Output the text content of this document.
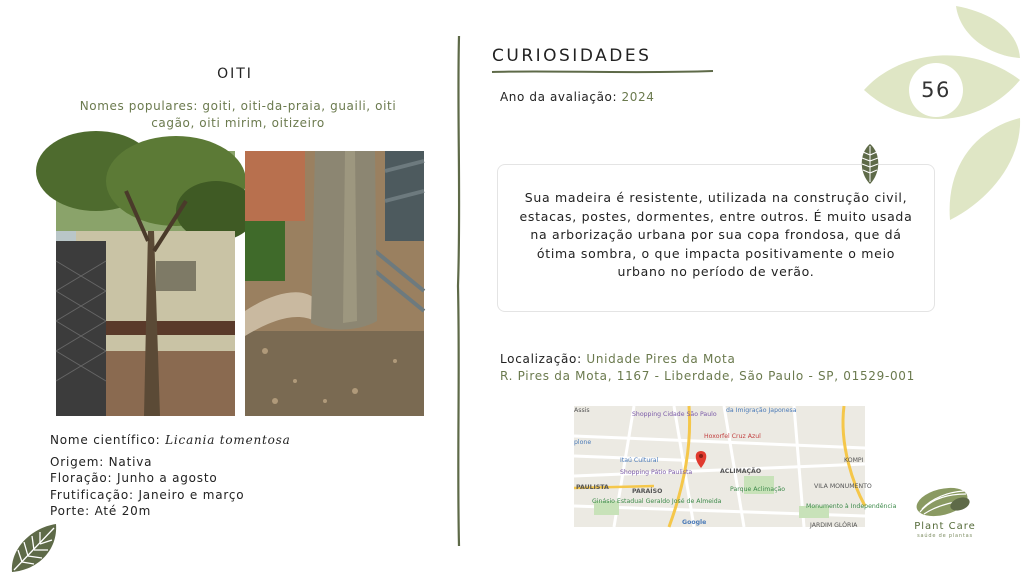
56
OITI
Nomes populares: goiti, oiti-da-praia, guaili, oiti cagão, oiti mirim, oitizeiro
Nome científico: Licania tomentosa
Origem: Nativa
Floração: Junho a agosto
Frutificação: Janeiro e março
Porte: Até 20m
CURIOSIDADES
Ano da avaliação: 2024
Sua madeira é resistente, utilizada na construção civil, estacas, postes, dormentes, entre outros. É muito usada na arborização urbana por sua copa frondosa, que dá ótima sombra, o que impacta positivamente o meio urbano no período de verão.
Localização: Unidade Pires da Mota
R. Pires da Mota, 1167 - Liberdade, São Paulo - SP, 01529-001
Assis
Shopping Cidade São Paulo
da Imigração Japonesa
plone
Itaú Cultural
Hoxorfel Cruz Azul
Shopping Pátio Paulista	ACLIMAÇÃO
Parque Aclimação
PAULISTA
PARAÍSO
Ginásio Estadual Geraldo José de Almeida
Monumento à Independência
KOMPI
VILA MONUMENTO
JARDIM GLÓRIA
Google	Plant Care
saúde de plantas
